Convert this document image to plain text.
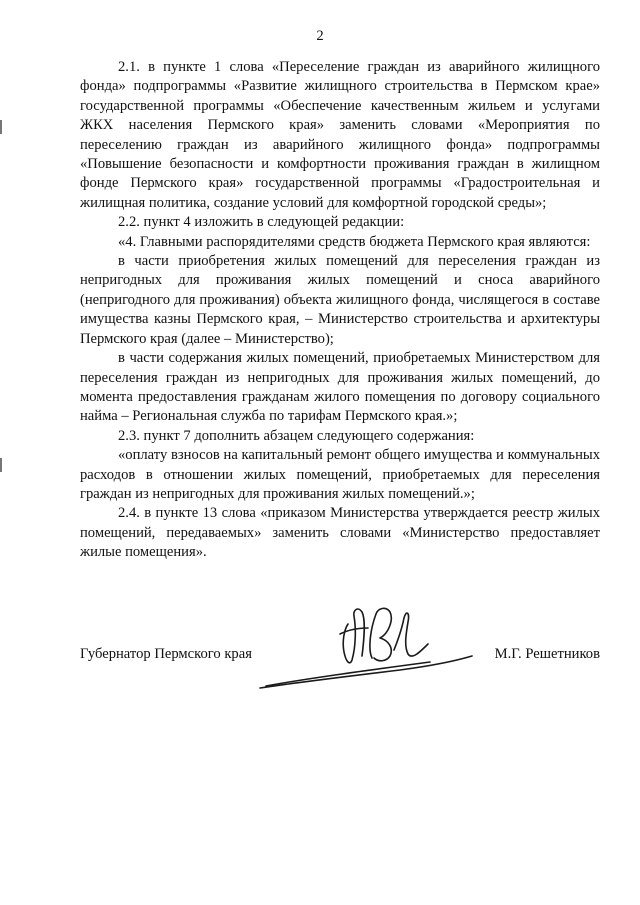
2

2.1. в пункте 1 слова «Переселение граждан из аварийного жилищного фонда» подпрограммы «Развитие жилищного строительства в Пермском крае» государственной программы «Обеспечение качественным жильем и услугами ЖКХ населения Пермского края» заменить словами «Мероприятия по переселению граждан из аварийного жилищного фонда» подпрограммы «Повышение безопасности и комфортности проживания граждан в жилищном фонде Пермского края» государственной программы «Градостроительная и жилищная политика, создание условий для комфортной городской среды»;

2.2. пункт 4 изложить в следующей редакции:

«4. Главными распорядителями средств бюджета Пермского края являются:

в части приобретения жилых помещений для переселения граждан из непригодных для проживания жилых помещений и сноса аварийного (непригодного для проживания) объекта жилищного фонда, числящегося в составе имущества казны Пермского края, – Министерство строительства и архитектуры Пермского края (далее – Министерство);

в части содержания жилых помещений, приобретаемых Министерством для переселения граждан из непригодных для проживания жилых помещений, до момента предоставления гражданам жилого помещения по договору социального найма – Региональная служба по тарифам Пермского края.»;

2.3. пункт 7 дополнить абзацем следующего содержания:

«оплату взносов на капитальный ремонт общего имущества и коммунальных расходов в отношении жилых помещений, приобретаемых для переселения граждан из непригодных для проживания жилых помещений.»;

2.4. в пункте 13 слова «приказом Министерства утверждается реестр жилых помещений, передаваемых» заменить словами «Министерство предоставляет жилые помещения».

Губернатор Пермского края	М.Г. Решетников
